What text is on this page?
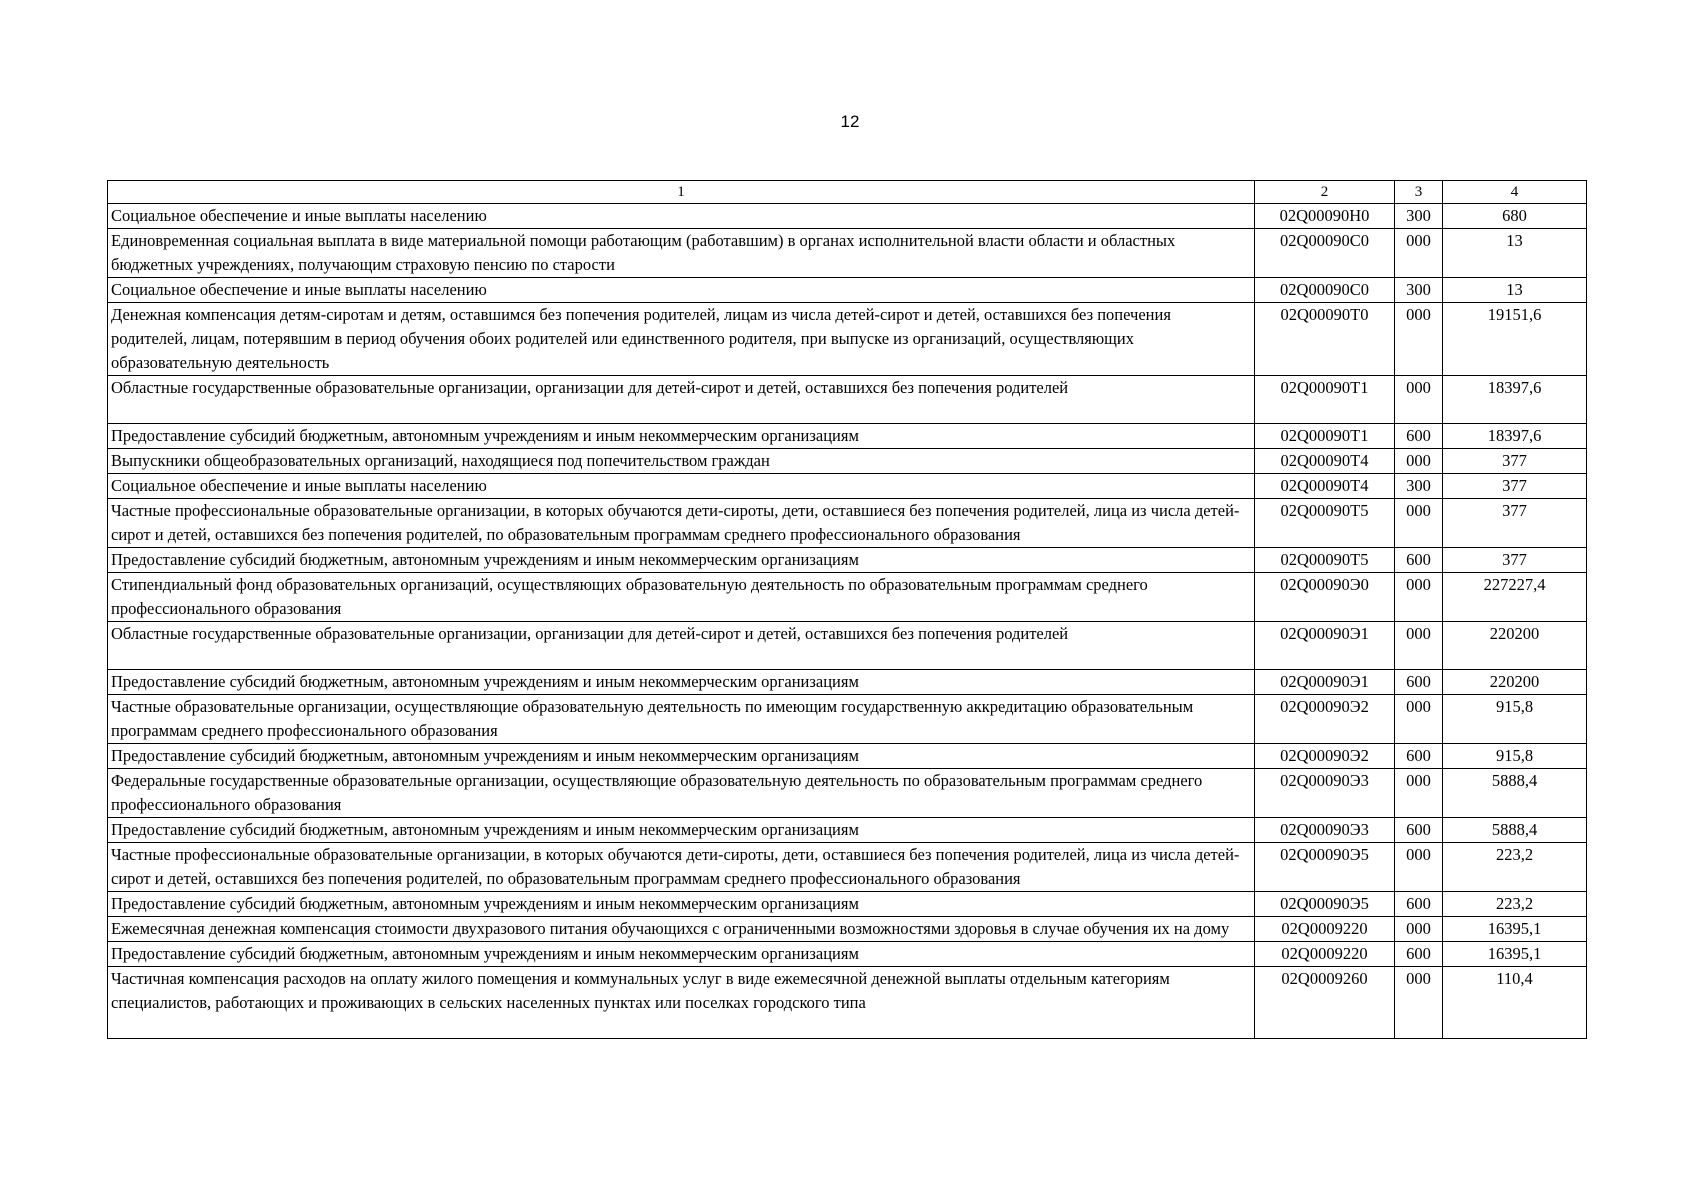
12
1	2	3	4
Социальное обеспечение и иные выплаты населению	02Q00090Н0	300	680
Единовременная социальная выплата в виде материальной помощи работающим (работавшим) в органах исполнительной власти области и областных бюджетных учреждениях, получающим страховую пенсию по старости	02Q00090С0	000	13
Социальное обеспечение и иные выплаты населению	02Q00090С0	300	13
Денежная компенсация детям-сиротам и детям, оставшимся без попечения родителей, лицам из числа детей-сирот и детей, оставшихся без попечения родителей, лицам, потерявшим в период обучения обоих родителей или единственного родителя, при выпуске из организаций, осуществляющих образовательную деятельность	02Q00090Т0	000	19151,6
Областные государственные образовательные организации, организации для детей-сирот и детей, оставшихся без попечения родителей	02Q00090Т1	000	18397,6
Предоставление субсидий бюджетным, автономным учреждениям и иным некоммерческим организациям	02Q00090Т1	600	18397,6
Выпускники общеобразовательных организаций, находящиеся под попечительством граждан	02Q00090Т4	000	377
Социальное обеспечение и иные выплаты населению	02Q00090Т4	300	377
Частные профессиональные образовательные организации, в которых обучаются дети-сироты, дети, оставшиеся без попечения родителей, лица из числа детей-сирот и детей, оставшихся без попечения родителей, по образовательным программам среднего профессионального образования	02Q00090Т5	000	377
Предоставление субсидий бюджетным, автономным учреждениям и иным некоммерческим организациям	02Q00090Т5	600	377
Стипендиальный фонд образовательных организаций, осуществляющих образовательную деятельность по образовательным программам среднего профессионального образования	02Q00090Э0	000	227227,4
Областные государственные образовательные организации, организации для детей-сирот и детей, оставшихся без попечения родителей	02Q00090Э1	000	220200
Предоставление субсидий бюджетным, автономным учреждениям и иным некоммерческим организациям	02Q00090Э1	600	220200
Частные образовательные организации, осуществляющие образовательную деятельность по имеющим государственную аккредитацию образовательным программам среднего профессионального образования	02Q00090Э2	000	915,8
Предоставление субсидий бюджетным, автономным учреждениям и иным некоммерческим организациям	02Q00090Э2	600	915,8
Федеральные государственные образовательные организации, осуществляющие образовательную деятельность по образовательным программам среднего профессионального образования	02Q00090Э3	000	5888,4
Предоставление субсидий бюджетным, автономным учреждениям и иным некоммерческим организациям	02Q00090Э3	600	5888,4
Частные профессиональные образовательные организации, в которых обучаются дети-сироты, дети, оставшиеся без попечения родителей, лица из числа детей-сирот и детей, оставшихся без попечения родителей, по образовательным программам среднего профессионального образования	02Q00090Э5	000	223,2
Предоставление субсидий бюджетным, автономным учреждениям и иным некоммерческим организациям	02Q00090Э5	600	223,2
Ежемесячная денежная компенсация стоимости двухразового питания обучающихся с ограниченными возможностями здоровья в случае обучения их на дому	02Q0009220	000	16395,1
Предоставление субсидий бюджетным, автономным учреждениям и иным некоммерческим организациям	02Q0009220	600	16395,1
Частичная компенсация расходов на оплату жилого помещения и коммунальных услуг в виде ежемесячной денежной выплаты отдельным категориям специалистов, работающих и проживающих в сельских населенных пунктах или поселках городского типа	02Q0009260	000	110,4
